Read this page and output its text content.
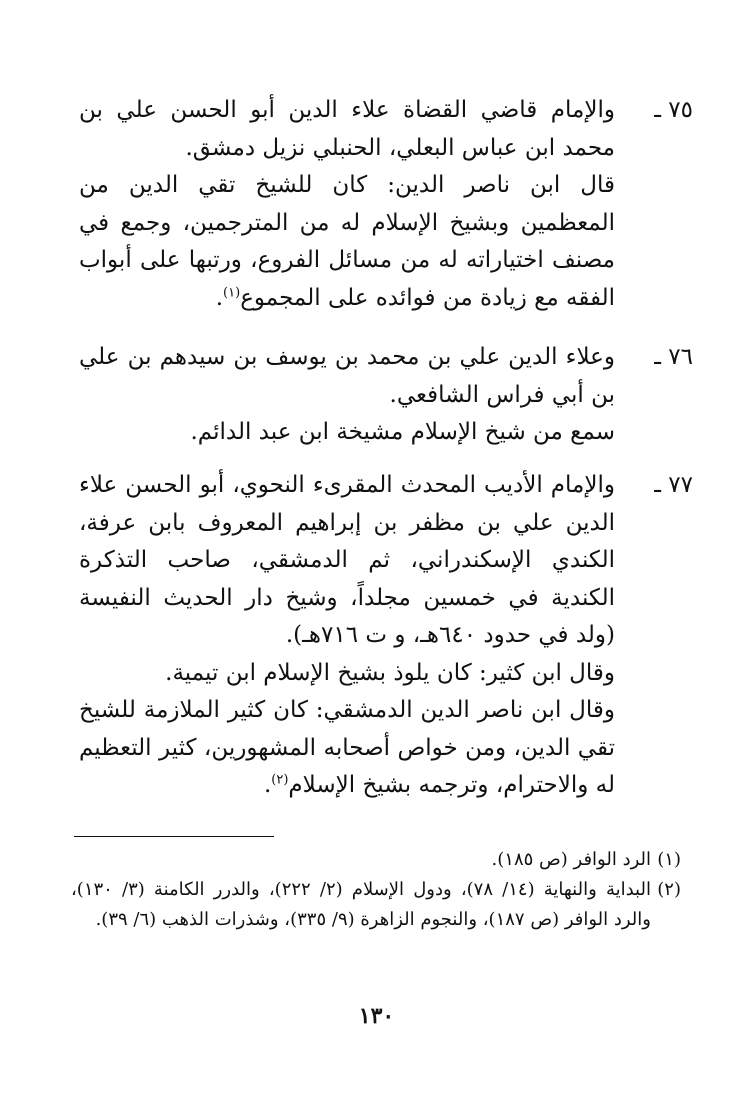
٧٥ ـ

والإمام قاضي القضاة علاء الدين أبو الحسن علي بن محمد ابن عباس البعلي، الحنبلي نزيل دمشق.

قال ابن ناصر الدين: كان للشيخ تقي الدين من المعظمين وبشيخ الإسلام له من المترجمين، وجمع في مصنف اختياراته له من مسائل الفروع، ورتبها على أبواب الفقه مع زيادة من فوائده على المجموع$^{(١)}$.

٧٦ ـ

وعلاء الدين علي بن محمد بن يوسف بن سيدهم بن علي بن أبي فراس الشافعي.

سمع من شيخ الإسلام مشيخة ابن عبد الدائم.

٧٧ ـ

والإمام الأديب المحدث المقرىء النحوي، أبو الحسن علاء الدين علي بن مظفر بن إبراهيم المعروف بابن عرفة، الكندي الإسكندراني، ثم الدمشقي، صاحب التذكرة الكندية في خمسين مجلداً، وشيخ دار الحديث النفيسة (ولد في حدود ٦٤٠هـ، و ت ٧١٦هـ).

وقال ابن كثير: كان يلوذ بشيخ الإسلام ابن تيمية.

وقال ابن ناصر الدين الدمشقي: كان كثير الملازمة للشيخ تقي الدين، ومن خواص أصحابه المشهورين، كثير التعظيم له والاحترام، وترجمه بشيخ الإسلام$^{(٢)}$.

(١)
الرد الوافر (ص ١٨٥).
(٢)
البداية والنهاية (١٤/ ٧٨)، ودول الإسلام (٢/ ٢٢٢)، والدرر الكامنة (٣/ ١٣٠)، والرد الوافر (ص ١٨٧)، والنجوم الزاهرة (٩/ ٣٣٥)، وشذرات الذهب (٦/ ٣٩).
١٣٠
